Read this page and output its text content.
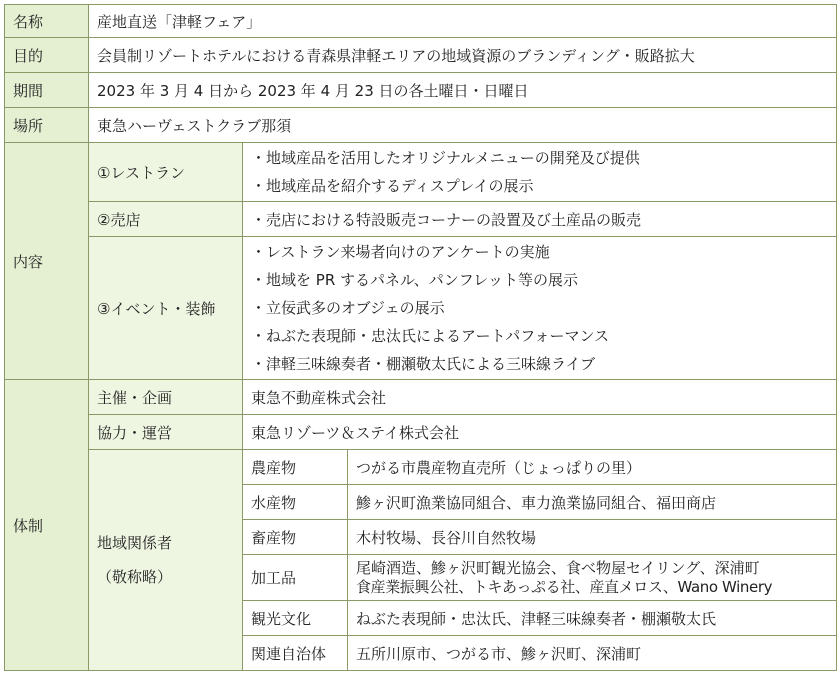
名称	産地直送「津軽フェア」		
目的	会員制リゾートホテルにおける青森県津軽エリアの地域資源のブランディング・販路拡大		
期間	2023 年 3 月 4 日から 2023 年 4 月 23 日の各土曜日・日曜日		
場所	東急ハーヴェストクラブ那須		
内容	①レストラン	・地域産品を活用したオリジナルメニューの開発及び提供
・地域産品を紹介するディスプレイの展示	

	②売店	・売店における特設販売コーナーの設置及び土産品の販売	
	③イベント・装飾	・レストラン来場者向けのアンケートの実施
・地域を PR するパネル、パンフレット等の展示
・立佞武多のオブジェの展示
・ねぶた表現師・忠汰氏によるアートパフォーマンス
・津軽三味線奏者・棚瀬敬太氏による三味線ライブ	

体制	主催・企画	東急不動産株式会社	
	協力・運営	東急リゾーツ＆ステイ株式会社	

	地域関係者
（敬称略）	農産物	つがる市農産物直売所（じょっぱりの里）
		水産物	鯵ヶ沢町漁業協同組合、車力漁業協同組合、福田商店
		畜産物	木村牧場、長谷川自然牧場
		加工品	尾崎酒造、鯵ヶ沢町観光協会、食べ物屋セイリング、深浦町
食産業振興公社、トキあっぷる社、産直メロス、Wano Winery

		観光文化	ねぶた表現師・忠汰氏、津軽三味線奏者・棚瀬敬太氏
		関連自治体	五所川原市、つがる市、鯵ヶ沢町、深浦町
